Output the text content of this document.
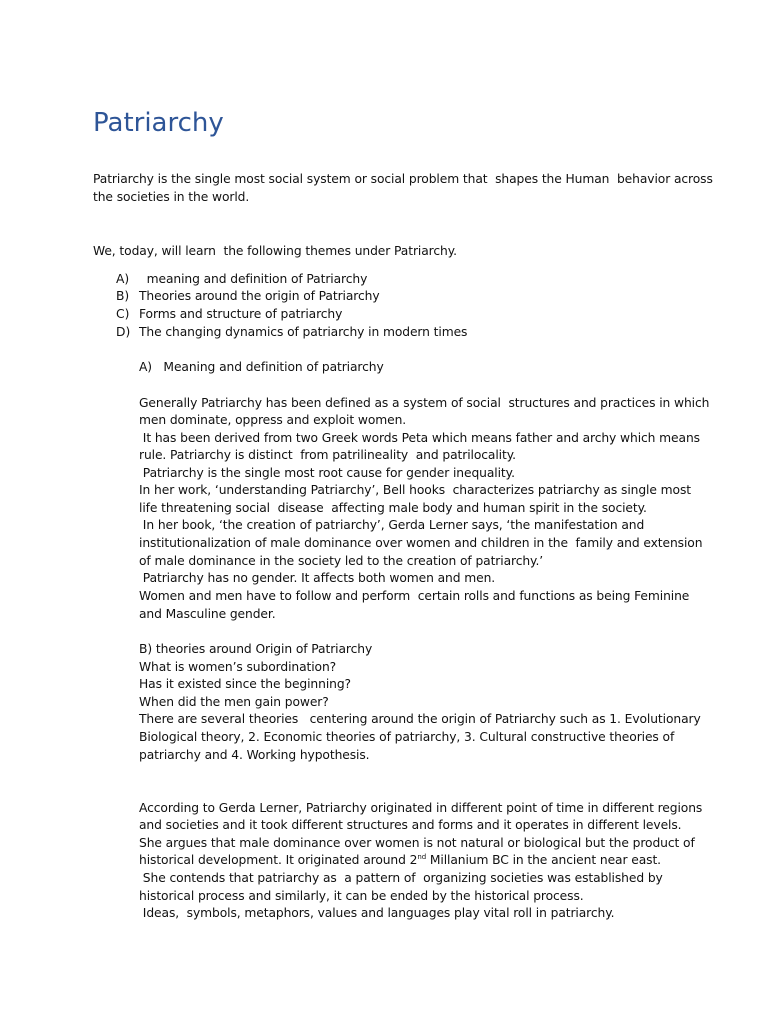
Patriarchy
Patriarchy is the single most social system or social problem that  shapes the Human  behavior across
the societies in the world.
We, today, will learn  the following themes under Patriarchy.
A) meaning and definition of Patriarchy
B) Theories around the origin of Patriarchy
C) Forms and structure of patriarchy
D) The changing dynamics of patriarchy in modern times
A)   Meaning and definition of patriarchy
Generally Patriarchy has been defined as a system of social  structures and practices in which
men dominate, oppress and exploit women.
It has been derived from two Greek words Peta which means father and archy which means
rule. Patriarchy is distinct  from patrilineality  and patrilocality.
Patriarchy is the single most root cause for gender inequality.
In her work, ‘understanding Patriarchy’, Bell hooks  characterizes patriarchy as single most
life threatening social  disease  affecting male body and human spirit in the society.
In her book, ‘the creation of patriarchy’, Gerda Lerner says, ‘the manifestation and
institutionalization of male dominance over women and children in the  family and extension
of male dominance in the society led to the creation of patriarchy.’
Patriarchy has no gender. It affects both women and men.
Women and men have to follow and perform  certain rolls and functions as being Feminine
and Masculine gender.
B) theories around Origin of Patriarchy
What is women’s subordination?
Has it existed since the beginning?
When did the men gain power?
There are several theories   centering around the origin of Patriarchy such as 1. Evolutionary
Biological theory, 2. Economic theories of patriarchy, 3. Cultural constructive theories of
patriarchy and 4. Working hypothesis.
According to Gerda Lerner, Patriarchy originated in different point of time in different regions
and societies and it took different structures and forms and it operates in different levels.
She argues that male dominance over women is not natural or biological but the product of
historical development. It originated around 2nd Millanium BC in the ancient near east.
She contends that patriarchy as  a pattern of  organizing societies was established by
historical process and similarly, it can be ended by the historical process.
Ideas,  symbols, metaphors, values and languages play vital roll in patriarchy.
